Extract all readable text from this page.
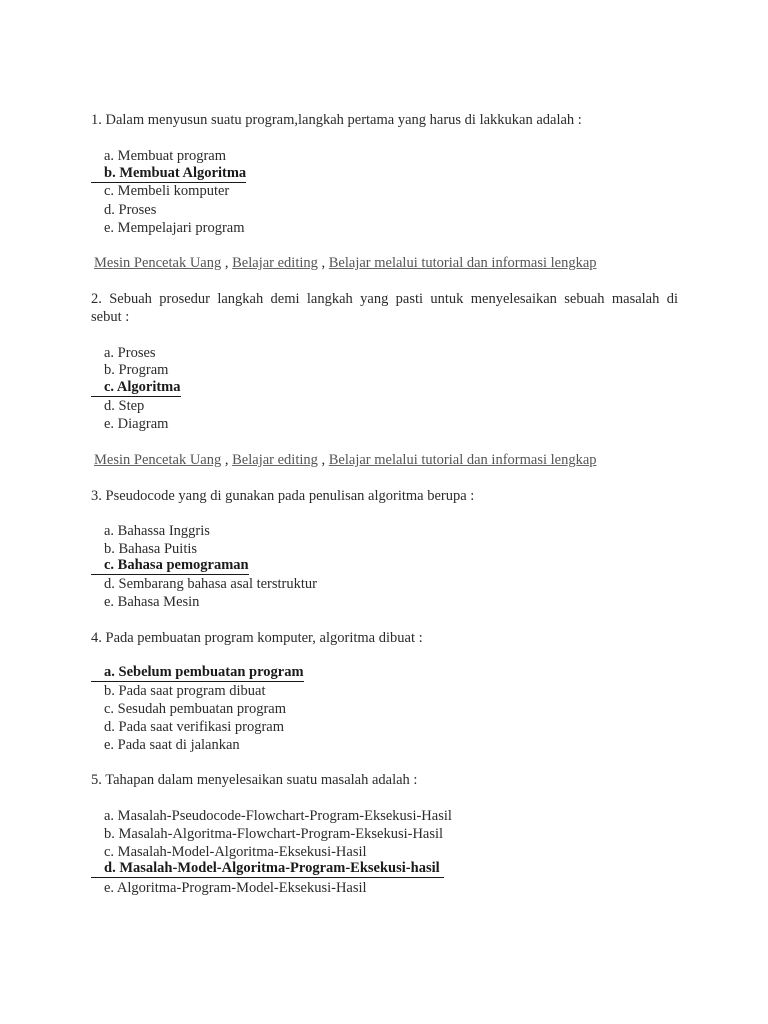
1. Dalam menyusun suatu program,langkah pertama yang harus di lakkukan adalah :
a. Membuat program
b. Membuat Algoritma
c. Membeli komputer
d. Proses
e. Mempelajari program
Mesin Pencetak Uang , Belajar editing , Belajar melalui tutorial dan informasi lengkap
2. Sebuah prosedur langkah demi langkah yang pasti untuk menyelesaikan sebuah masalah di
sebut :
a. Proses
b. Program
c. Algoritma
d. Step
e. Diagram
Mesin Pencetak Uang , Belajar editing , Belajar melalui tutorial dan informasi lengkap
3. Pseudocode yang di gunakan pada penulisan algoritma berupa :
a. Bahassa Inggris
b. Bahasa Puitis
c. Bahasa pemograman
d. Sembarang bahasa asal terstruktur
e. Bahasa Mesin
4. Pada pembuatan program komputer, algoritma dibuat :
a. Sebelum pembuatan program
b. Pada saat program dibuat
c. Sesudah pembuatan program
d. Pada saat verifikasi program
e. Pada saat di jalankan
5. Tahapan dalam menyelesaikan suatu masalah adalah :
a. Masalah-Pseudocode-Flowchart-Program-Eksekusi-Hasil
b. Masalah-Algoritma-Flowchart-Program-Eksekusi-Hasil
c. Masalah-Model-Algoritma-Eksekusi-Hasil
d. Masalah-Model-Algoritma-Program-Eksekusi-hasil
e. Algoritma-Program-Model-Eksekusi-Hasil
